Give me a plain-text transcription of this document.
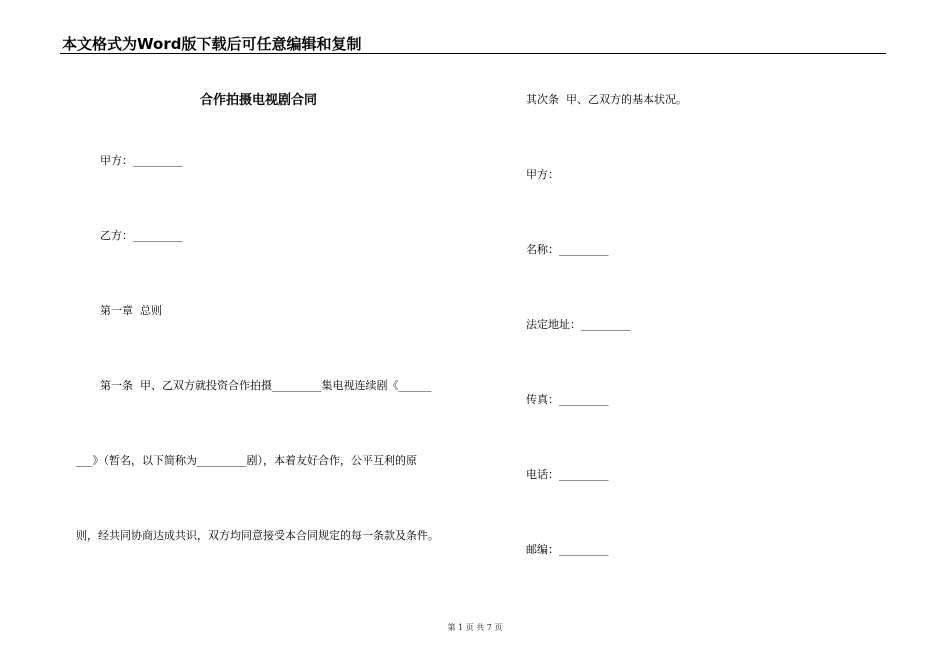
本文格式为Word版下载后可任意编辑和复制
合作拍摄电视剧合同
甲方：_________
乙方：_________
第一章  总则
第一条  甲、乙双方就投资合作拍摄_________集电视连续剧《______
___》（暂名，以下简称为_________剧），本着友好合作，公平互利的原
则，经共同协商达成共识，双方均同意接受本合同规定的每一条款及条件。
其次条  甲、乙双方的基本状况。
甲方：
名称：_________
法定地址：_________
传真：_________
电话：_________
邮编：_________
第 1 页 共 7 页
